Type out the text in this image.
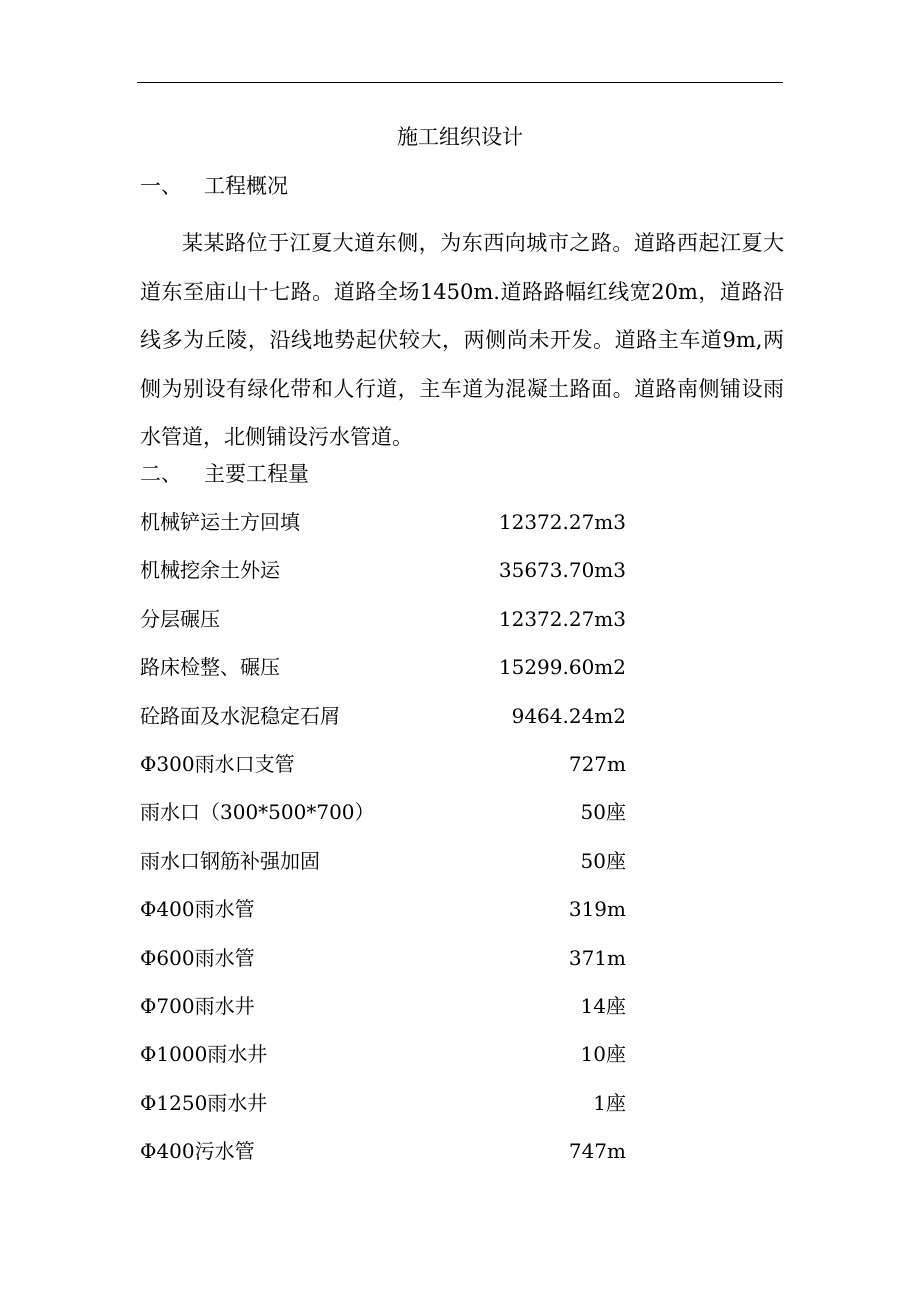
施工组织设计
一、 工程概况

某某路位于江夏大道东侧，为东西向城市之路。道路西起江夏大道东至庙山十七路。道路全场1450m.道路路幅红线宽20m，道路沿线多为丘陵，沿线地势起伏较大，两侧尚未开发。道路主车道9m,两侧为别设有绿化带和人行道，主车道为混凝土路面。道路南侧铺设雨水管道，北侧铺设污水管道。

二、 主要工程量
机械铲运土方回填	12372.27m3
机械挖余土外运	35673.70m3
分层碾压	12372.27m3
路床检整、碾压	15299.60m2
砼路面及水泥稳定石屑	9464.24m2
Φ300雨水口支管	727m
雨水口（300*500*700）	50座
雨水口钢筋补强加固	50座
Φ400雨水管	319m
Φ600雨水管	371m
Φ700雨水井	14座
Φ1000雨水井	10座
Φ1250雨水井	1座
Φ400污水管	747m
